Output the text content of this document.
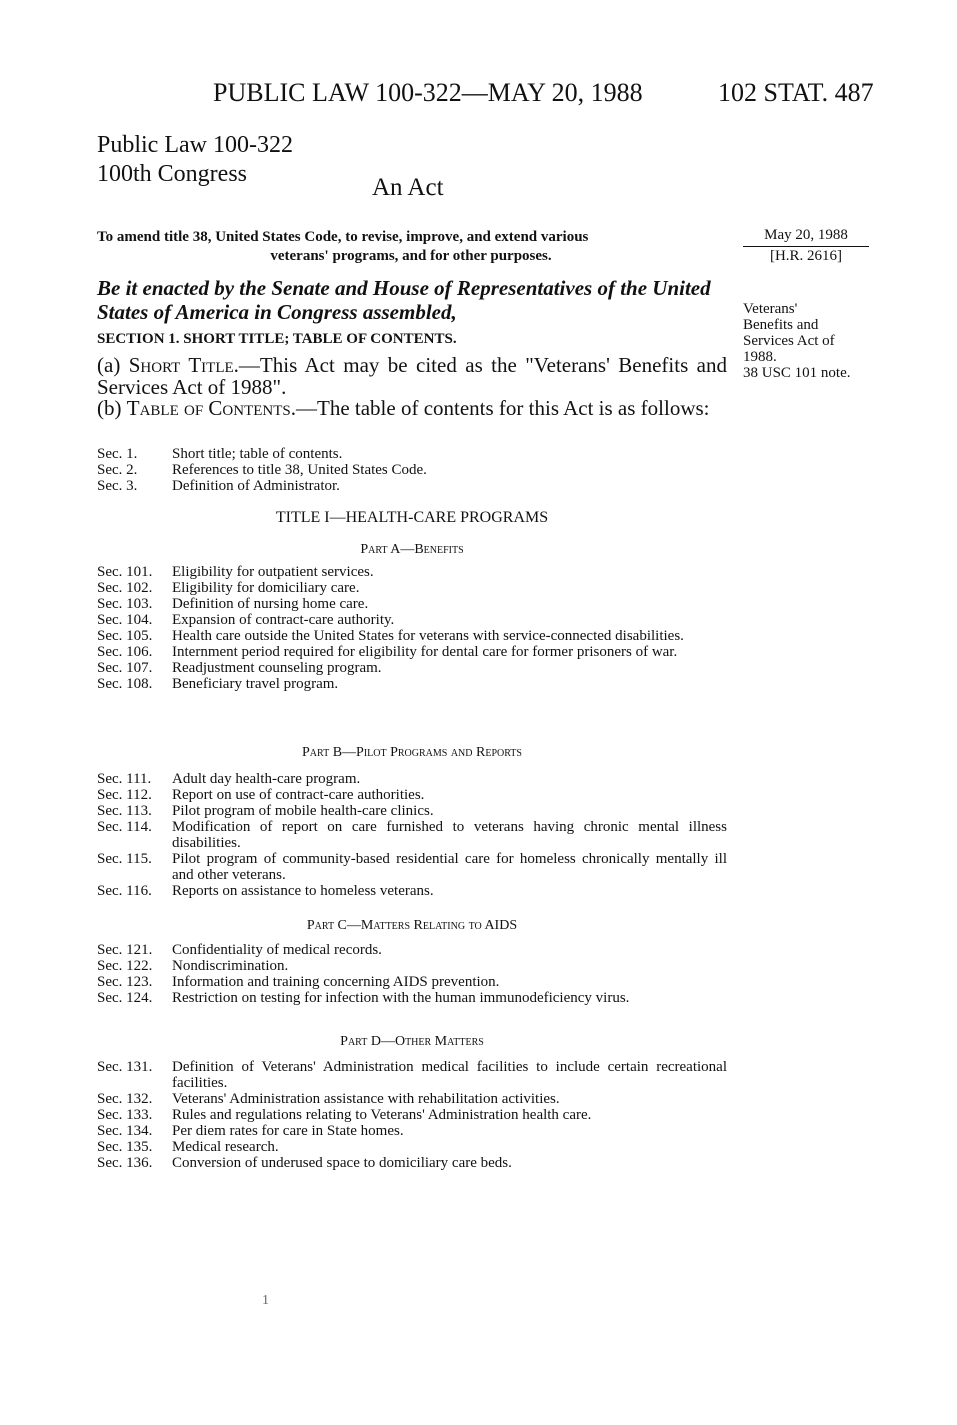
PUBLIC LAW 100-322—MAY 20, 1988	102 STAT. 487
Public Law 100-322
100th Congress	An Act
To amend title 38, United States Code, to revise, improve, and extend various
veterans' programs, and for other purposes.
May 20, 1988
[H.R. 2616]
Veterans'
Benefits and
Services Act of
1988.
38 USC 101 note.
Be it enacted by the Senate and House of Representatives of the United States of America in Congress assembled,
SECTION 1. SHORT TITLE; TABLE OF CONTENTS.
(a) Short Title.—This Act may be cited as the "Veterans' Benefits and Services Act of 1988".
(b) Table of Contents.—The table of contents for this Act is as follows:
Sec. 1.	Short title; table of contents.
Sec. 2.	References to title 38, United States Code.
Sec. 3.	Definition of Administrator.
TITLE I—HEALTH-CARE PROGRAMS
Part A—Benefits
Sec. 101.	Eligibility for outpatient services.
Sec. 102.	Eligibility for domiciliary care.
Sec. 103.	Definition of nursing home care.
Sec. 104.	Expansion of contract-care authority.
Sec. 105.	Health care outside the United States for veterans with service-connected disabilities.
Sec. 106.	Internment period required for eligibility for dental care for former prisoners of war.
Sec. 107.	Readjustment counseling program.
Sec. 108.	Beneficiary travel program.
Part B—Pilot Programs and Reports
Sec. 111.	Adult day health-care program.
Sec. 112.	Report on use of contract-care authorities.
Sec. 113.	Pilot program of mobile health-care clinics.
Sec. 114.	Modification of report on care furnished to veterans having chronic mental illness disabilities.
Sec. 115.	Pilot program of community-based residential care for homeless chronically mentally ill and other veterans.
Sec. 116.	Reports on assistance to homeless veterans.
Part C—Matters Relating to AIDS
Sec. 121.	Confidentiality of medical records.
Sec. 122.	Nondiscrimination.
Sec. 123.	Information and training concerning AIDS prevention.
Sec. 124.	Restriction on testing for infection with the human immunodeficiency virus.
Part D—Other Matters
Sec. 131.	Definition of Veterans' Administration medical facilities to include certain recreational facilities.
Sec. 132.	Veterans' Administration assistance with rehabilitation activities.
Sec. 133.	Rules and regulations relating to Veterans' Administration health care.
Sec. 134.	Per diem rates for care in State homes.
Sec. 135.	Medical research.
Sec. 136.	Conversion of underused space to domiciliary care beds.
1
